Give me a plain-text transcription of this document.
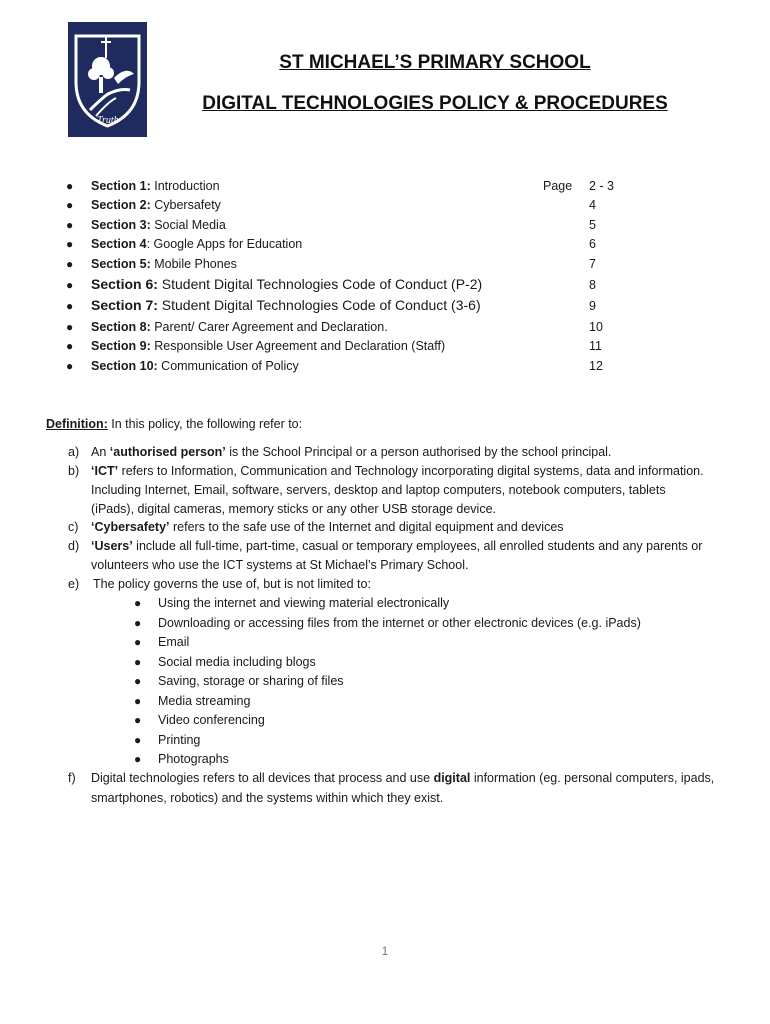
Truth
ST MICHAEL’S PRIMARY SCHOOL
DIGITAL TECHNOLOGIES POLICY & PROCEDURES
Page
● Section 1: Introduction	2 - 3
● Section 2: Cybersafety	4
● Section 3: Social Media	5
● Section 4: Google Apps for Education	6
● Section 5: Mobile Phones	7
● Section 6: Student Digital Technologies Code of Conduct (P-2)	8
● Section 7: Student Digital Technologies Code of Conduct (3-6)	9
● Section 8: Parent/ Carer Agreement and Declaration.	10
● Section 9: Responsible User Agreement and Declaration (Staff)	11
● Section 10: Communication of Policy	12
Definition: In this policy, the following refer to:
a) An ‘authorised person’ is the School Principal or a person authorised by the school principal.
b) ‘ICT’ refers to Information, Communication and Technology incorporating digital systems, data and information.
Including Internet, Email, software, servers, desktop and laptop computers, notebook computers, tablets
(iPads), digital cameras, memory sticks or any other USB storage device.
c) ‘Cybersafety’ refers to the safe use of the Internet and digital equipment and devices
d) ‘Users’ include all full-time, part-time, casual or temporary employees, all enrolled students and any parents or
volunteers who use the ICT systems at St Michael’s Primary School.
e) The policy governs the use of, but is not limited to:
● Using the internet and viewing material electronically
● Downloading or accessing files from the internet or other electronic devices (e.g. iPads)
● Email
● Social media including blogs
● Saving, storage or sharing of files
● Media streaming
● Video conferencing
● Printing
● Photographs
f) Digital technologies refers to all devices that process and use digital information (eg. personal computers, ipads,
smartphones, robotics) and the systems within which they exist.
1
